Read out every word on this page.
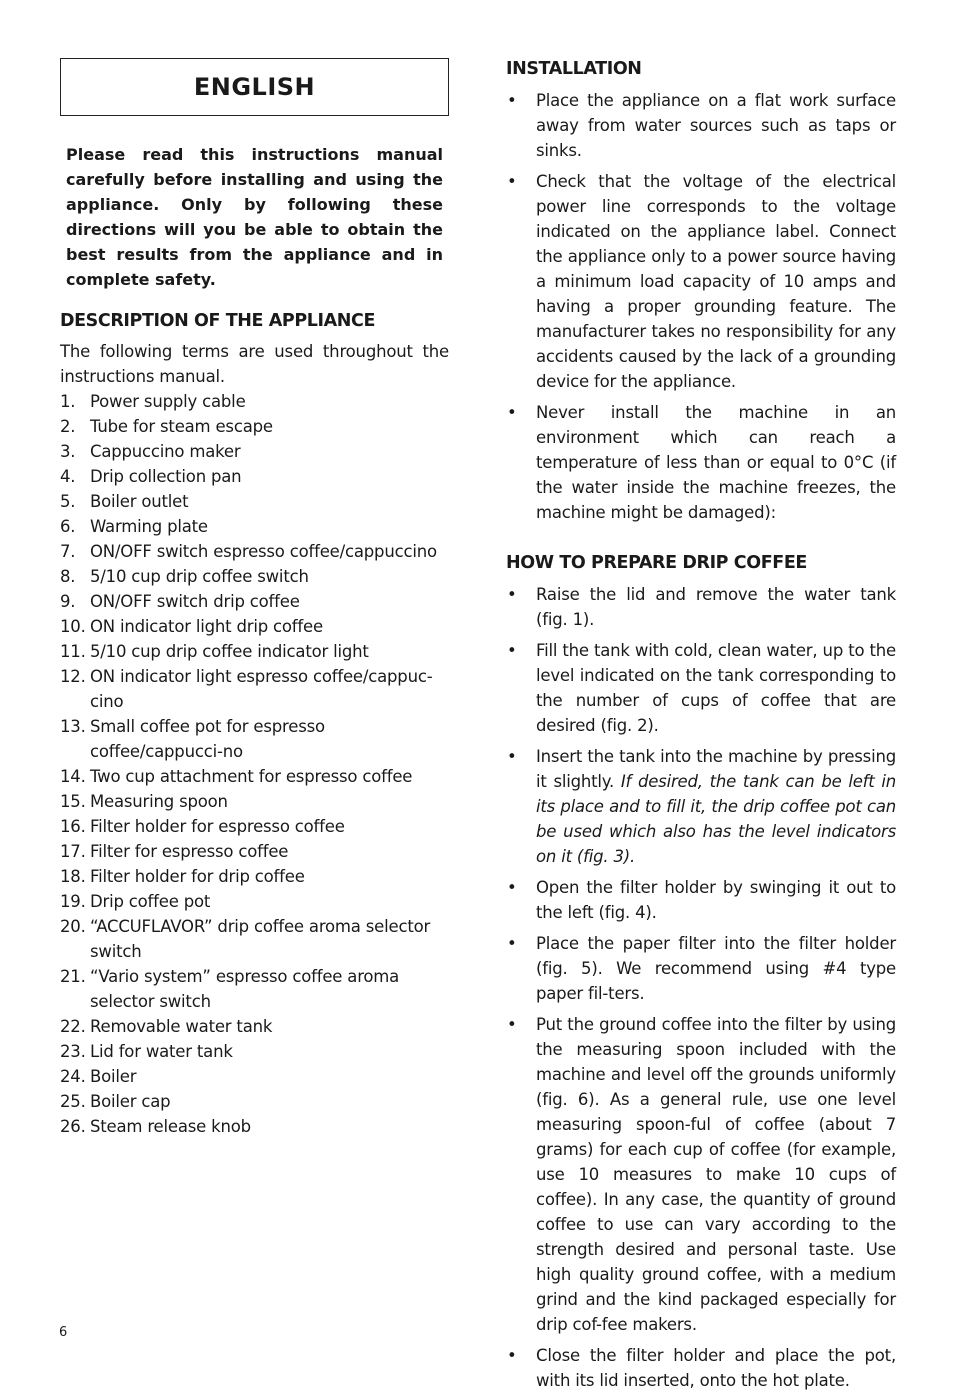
ENGLISH
Please read this instructions manual carefully before installing and using the appliance. Only by following these directions will you be able to obtain the best results from the appliance and in complete safety.
DESCRIPTION OF THE APPLIANCE

The following terms are used throughout the instructions manual.

1. Power supply cable
2. Tube for steam escape
3. Cappuccino maker
4. Drip collection pan
5. Boiler outlet
6. Warming plate
7. ON/OFF switch espresso coffee/cappuccino
8. 5/10 cup drip coffee switch
9. ON/OFF switch drip coffee
10. ON indicator light drip coffee
11. 5/10 cup drip coffee indicator light
12. ON indicator light espresso coffee/cappuc-cino
13. Small coffee pot for espresso coffee/cappucci-no
14. Two cup attachment for espresso coffee
15. Measuring spoon
16. Filter holder for espresso coffee
17. Filter for espresso coffee
18. Filter holder for drip coffee
19. Drip coffee pot
20. “ACCUFLAVOR” drip coffee aroma selector switch
21. “Vario system” espresso coffee aroma selector switch
22. Removable water tank
23. Lid for water tank
24. Boiler
25. Boiler cap
26. Steam release knob
INSTALLATION
•	Place the appliance on a flat work surface away from water sources such as taps or sinks.
•	Check that the voltage of the electrical power line corresponds to the voltage indicated on the appliance label. Connect the appliance only to a power source having a minimum load capacity of 10 amps and having a proper grounding feature. The manufacturer takes no responsibility for any accidents caused by the lack of a grounding device for the appliance.
•	Never install the machine in an environment which can reach a temperature of less than or equal to 0°C (if the water inside the machine freezes, the machine might be damaged):
HOW TO PREPARE DRIP COFFEE
•	Raise the lid and remove the water tank (fig. 1).
•	Fill the tank with cold, clean water, up to the level indicated on the tank corresponding to the number of cups of coffee that are desired (fig. 2).
•	Insert the tank into the machine by pressing it slightly. If desired, the tank can be left in its place and to fill it, the drip coffee pot can be used which also has the level indicators on it (fig. 3).
•	Open the filter holder by swinging it out to the left (fig. 4).
•	Place the paper filter into the filter holder (fig. 5). We recommend using #4 type paper fil-ters.
•	Put the ground coffee into the filter by using the measuring spoon included with the machine and level off the grounds uniformly (fig. 6). As a general rule, use one level measuring spoon-ful of coffee (about 7 grams) for each cup of coffee (for example, use 10 measures to make 10 cups of coffee). In any case, the quantity of ground coffee to use can vary according to the strength desired and personal taste. Use high quality ground coffee, with a medium grind and the kind packaged especially for drip cof-fee makers.
•	Close the filter holder and place the pot, with its lid inserted, onto the hot plate.
6
